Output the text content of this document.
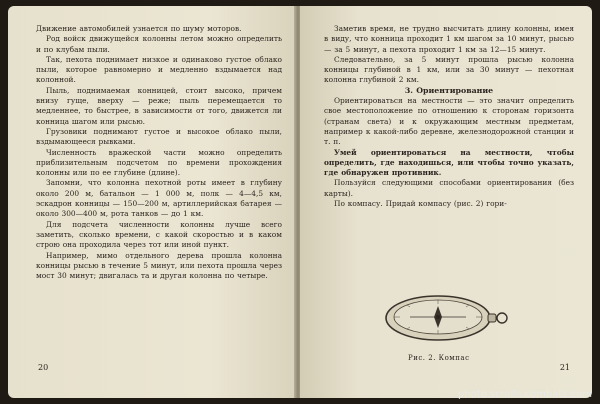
Движение автомобилей узнается по шуму моторов.

Род войск движущейся колонны летом можно определить и по клубам пыли.

Так, пехота поднимает низкое и одинаково густое облако пыли, которое равномерно и медленно вздымается над колонной.

Пыль, поднимаемая конницей, стоит высоко, причем внизу гуще, вверху — реже; пыль перемещается то медленнее, то быстрее, в зависимости от того, движется ли конница шагом или рысью.

Грузовики поднимают густое и высокое облако пыли, вздымающееся рывками.

Численность вражеской части можно определить приблизительным подсчетом по времени прохождения колонны или по ее глубине (длине).

Запомни, что колонна пехотной роты имеет в глубину около 200 м, батальон — 1 000 м, полк — 4—4,5 км, эскадрон конницы — 150—200 м, артиллерийская батарея — около 300—400 м, рота танков — до 1 км.

Для подсчета численности колонны лучше всего заметить, сколько времени, с какой скоростью и в каком строю она проходила через тот или иной пункт.

Например, мимо отдельного дерева прошла колонна конницы рысью в течение 5 минут, или пехота прошла через мост 30 минут; двигалась та и другая колонна по четыре.

20

Заметив время, не трудно высчитать длину колонны, имея в виду, что конница проходит 1 км шагом за 10 минут, рысью — за 5 минут, а пехота проходит 1 км за 12—15 минут.

Следовательно, за 5 минут прошла рысью колонна конницы глубиной в 1 км, или за 30 минут — пехотная колонна глубиной 2 км.

3. Ориентирование

Ориентироваться на местности — это значит определить свое местоположение по отношению к сторонам горизонта (странам света) и к окружающим местным предметам, например к какой-либо деревне, железнодорожной станции и т. п.

Умей ориентироваться на местности, чтобы определить, где находишься, или чтобы точно указать, где обнаружен противник.

Пользуйся следующими способами ориентирования (без карты).

По компасу. Придай компасу (рис. 2) гори-

Рис. 2. Компас
21
photo.scrolls.combats.com
